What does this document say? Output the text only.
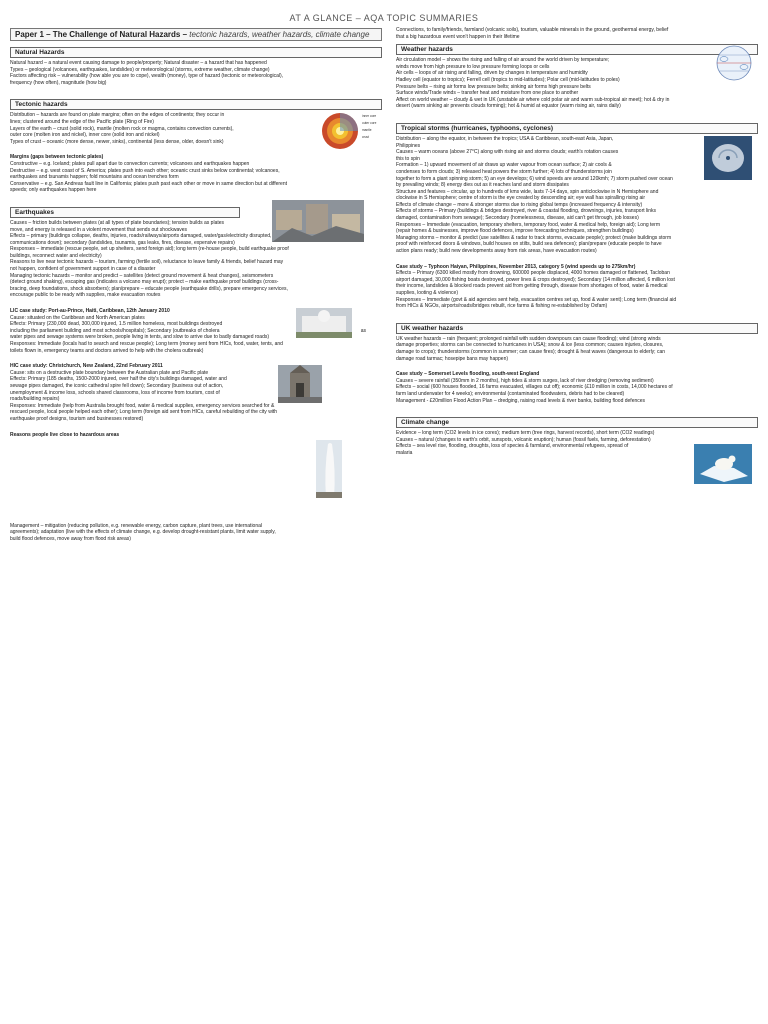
AT A GLANCE – AQA TOPIC SUMMARIES
Paper 1 – The Challenge of Natural Hazards – tectonic hazards, weather hazards, climate change
Natural Hazards
Natural hazard – a natural event causing damage to people/property; Natural disaster – a hazard that has happened
Types – geological (volcanoes, earthquakes, landslides) or meteorological (storms, extreme weather, climate change)
Factors affecting risk – vulnerability (how able you are to cope), wealth (money), type of hazard (tectonic or meteorological),
frequency (how often), magnitude (how big)
Tectonic hazards
Distribution – hazards are found on plate margins; often on the edges of continents; they occur in
lines; clustered around the edge of the Pacific plate (Ring of Fire)
Layers of the earth – crust (solid rock), mantle (molten rock or magma, contains convection currents),
outer core (molten iron and nickel), inner core (solid iron and nickel)
Types of crust – oceanic (more dense, newer, sinks), continental (less dense, older, doesn't sink)
inner core
outer core
mantle
crust
Margins (gaps between tectonic plates)
Constructive – e.g. Iceland; plates pull apart due to convection currents; volcanoes and earthquakes happen
Destructive – e.g. west coast of S. America; plates push into each other; oceanic crust sinks below continental; volcanoes,
earthquakes and tsunamis happen; fold mountains and ocean trenches form
Conservative – e.g. San Andreas fault line in California; plates push past each other or move in same direction but at different
speeds; only earthquakes happen here
Earthquakes
Causes – friction builds between plates (at all types of plate boundaries); tension builds as plates
move, and energy is released in a violent movement that sends out shockwaves
Effects – primary (buildings collapse, deaths, injuries, roads/railways/airports damaged, water/gas/electricity disrupted,
communications down); secondary (landslides, tsunamis, gas leaks, fires, disease, expensive repairs)
Responses – immediate (rescue people, set up shelters, send foreign aid); long term (re-house people, build earthquake proof
buildings, reconnect water and electricity)
Reasons to live near tectonic hazards – tourism, farming (fertile soil), reluctance to leave family & friends, belief hazard may
not happen, confident of government support in case of a disaster
Managing tectonic hazards – monitor and predict – satellites (detect ground movement & heat changes), seismometers
(detect ground shaking), escaping gas (indicates a volcano may erupt); protect – make earthquake proof buildings (cross-
bracing, deep foundations, shock absorbers); plan/prepare – educate people (earthquake drills), prepare emergency services,
encourage public to be ready with supplies, make evacuation routes
LIC case study: Port-au-Prince, Haiti, Caribbean, 12th January 2010
Cause: situated on the Caribbean and North American plates
Effects: Primary (230,000 dead, 300,000 injured, 1.5 million homeless, most buildings destroyed
including the parliament building and most schools/hospitals); Secondary (outbreaks of cholera	as
water pipes and sewage systems were broken, people living in tents, and slow to arrive due to badly damaged roads)
Responses: Immediate (locals had to search and rescue people); Long term (money sent from HICs, food, water, tents, and
toilets flown in, emergency teams and doctors arrived to help with the cholera outbreak)
HIC case study: Christchurch, New Zealand, 22nd February 2011
Cause: sits on a destructive plate boundary between the Australian plate and Pacific plate
Effects: Primary (185 deaths, 1500-2000 injured, over half the city's buildings damaged, water and
sewage pipes damaged, the iconic cathedral spire fell down); Secondary (business out of action,
unemployment & income loss, schools shared classrooms, loss of income from tourism, cost of
roads/building repairs)
Responses: Immediate (help from Australia brought food, water & medical supplies, emergency services searched for &
rescued people, local people helped each other); Long term (foreign aid sent from HICs, careful rebuilding of the city with
earthquake proof designs, tourism and businesses restored)
Reasons people live close to hazardous areas
Management – mitigation (reducing pollution, e.g. renewable energy, carbon capture, plant trees, use international
agreements); adaptation (live with the effects of climate change, e.g. develop drought-resistant plants, limit water supply,
build flood defences, move away from flood risk areas)
Connections, to family/friends, farmland (volcanic soils), tourism, valuable minerals in the ground, geothermal energy, belief
that a big hazardous event won't happen in their lifetime
Weather hazards
Air circulation model – shows the rising and falling of air around the world driven by temperature;
winds move from high pressure to low pressure forming loops or cells
Air cells – loops of air rising and falling, driven by changes in temperature and humidity
Hadley cell (equator to tropics); Ferrell cell (tropics to mid-latitudes); Polar cell (mid-latitudes to poles)
Pressure belts – rising air forms low pressure belts; sinking air forms high pressure belts
Surface winds/Trade winds – transfer heat and moisture from one place to another
Affect on world weather – cloudy & wet in UK (unstable air where cold polar air and warm sub-tropical air meet); hot & dry in
desert (warm sinking air prevents clouds forming); hot & humid at equator (warm rising air, rains daily)
Tropical storms (hurricanes, typhoons, cyclones)
Distribution – along the equator, in between the tropics; USA & Caribbean, south-east Asia, Japan,
Philippines
Causes – warm oceans (above 27°C) along with rising air and storms clouds; earth's rotation causes
this to spin
Formation – 1) upward movement of air draws up water vapour from ocean surface; 2) air cools &
condenses to form clouds; 3) released heat powers the storm further; 4) lots of thunderstorms join
together to form a giant spinning storm; 5) an eye develops; 6) wind speeds are around 120kmh; 7) storm pushed over ocean
by prevailing winds; 8) energy dies out as it reaches land and storm dissipates
Structure and features – circular, up to hundreds of kms wide, lasts 7-14 days, spin anticlockwise in N Hemisphere and
clockwise in S Hemisphere; centre of storm is the eye created by descending air; eye wall has spiralling rising air
Effects of climate change – more & stronger storms due to rising global temps (increased frequency & intensity)
Effects of storms – Primary (buildings & bridges destroyed, river & coastal flooding, drownings, injuries, transport links
damaged, contamination from sewage); Secondary (homelessness, disease, aid can't get through, job losses)
Responses – Immediate (evacuation, temporary shelters, temporary food, water & medical help, foreign aid); Long term
(repair homes & businesses, improve flood defences, improve forecasting techniques, strengthen buildings)
Managing storms – monitor & predict (use satellites & radar to track storms, evacuate people); protect (make buildings storm
proof with reinforced doors & windows, build houses on stilts, build sea defences); plan/prepare (educate people to have
action plans ready; build new developments away from risk areas, have evacuation routes)
Case study – Typhoon Haiyan, Philippines, November 2013, category 5 (wind speeds up to 275km/hr)
Effects – Primary (6300 killed mostly from drowning, 600000 people displaced, 4000 homes damaged or flattened, Tacloban
airport damaged, 30,000 fishing boats destroyed, power lines & crops destroyed); Secondary (14 million affected, 6 million lost
their income, landslides & blocked roads prevent aid from getting through, disease from shortages of food, water & medical
supplies, looting & violence)
Responses – Immediate (govt & aid agencies sent help, evacuation centres set up, food & water sent); Long term (financial aid
from HICs & NGOs, airports/roads/bridges rebuilt, rice farms & fishing re-established by Oxfam)
UK weather hazards
UK weather hazards – rain (frequent; prolonged rainfall with sudden downpours can cause flooding); wind (strong winds
damage properties; storms can be connected to hurricanes in USA); snow & ice (less common; causes injuries, closures,
damage to crops); thunderstorms (common in summer; can cause fires); drought & heat waves (dangerous to elderly; can
damage road tarmac; hosepipe bans may happen)
Case study – Somerset Levels flooding, south-west England
Causes – severe rainfall (350mm in 2 months), high tides & storm surges, lack of river dredging (removing sediment)
Effects – social (600 houses flooded, 16 farms evacuated, villages cut off); economic (£10 million in costs, 14,000 hectares of
farm land underwater for 4 weeks); environmental (contaminated floodwaters, debris had to be cleared)
Management - £20million Flood Action Plan – dredging, raising road levels & river banks, building flood defences
Climate change
Evidence – long term (CO2 levels in ice cores); medium term (tree rings, harvest records), short term (CO2 readings)
Causes – natural (changes to earth's orbit, sunspots, volcanic eruption); human (fossil fuels, farming, deforestation)
Effects – sea level rise, flooding, droughts, loss of species & farmland, environmental refugees, spread of
malaria
